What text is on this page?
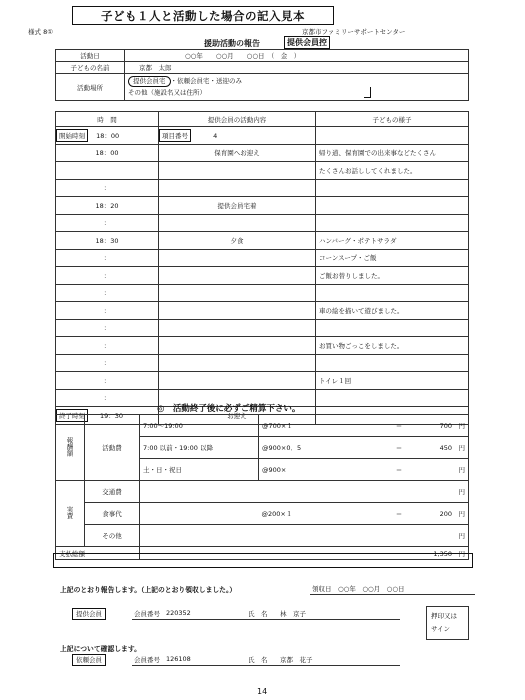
子ども１人と活動した場合の記入見本
様式 8①	京都市ファミリーサポートセンター
援助活動の報告	提供会員控
活動日	○○年　　○○月　　○○日　（　金　）
子どもの名前	京都　太郎
活動場所	提供会員宅 ・依頼会員宅・送迎のみ
その他（施設名又は住所）
時　間	提供会員の活動内容	子どもの様子
開始時刻 18：00	項目番号 4	
18：00	保育園へお迎え	帰り道、保育園での出来事などたくさん
		たくさんお話ししてくれました。
：		
18：20	提供会員宅着	
：		
18：30	夕食	ハンバーグ・ポテトサラダ
：		コーンスープ・ご飯
：		ご飯お替りしました。
：		
：		車の絵を描いて遊びました。
：		
：		お買い物ごっこをしました。
：		
：		トイレ１回
：		
終了時刻 19：30	お迎え	
◎　活動終了後に必ずご精算下さい。
報酬額	活動費	7:00〜19:00	@700×１	＝	700　 円
		7:00 以前・19:00 以降	@900×0．5	＝	450　 円
		土・日・祝日	@900×	＝	　円
実費	交通費	円			
	食事代		@200×１	＝	200　 円
	その他	円			
支払総額		1,350　 円			
上記のとおり報告します。（上記のとおり領収しました。）	領収日　○○年　○○月　○○日
提供会員	会員番号 220352	氏　名 林　京子	押印又は
サイン
上記について確認します。
依頼会員	会員番号 126108	氏　名 京都　花子
14
